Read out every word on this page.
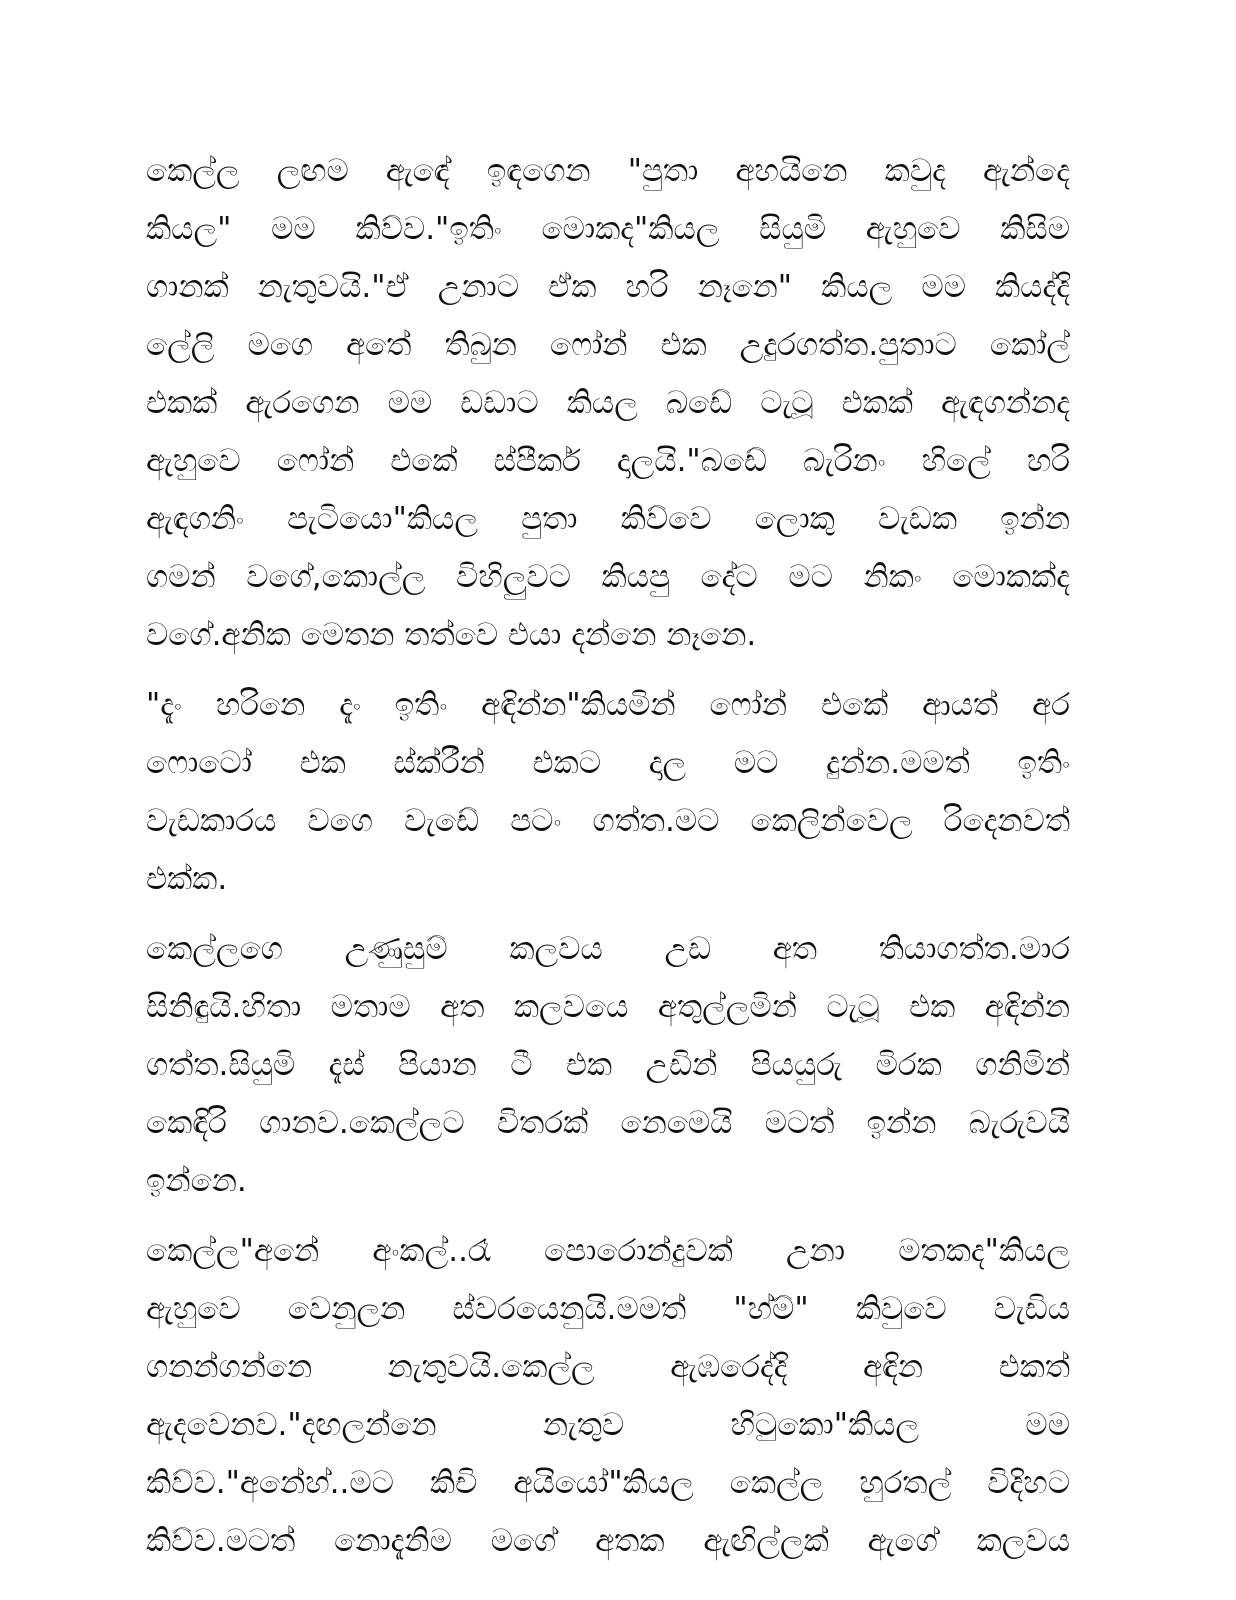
කෙල්ල ලඟම ඇඳේ ඉඳගෙන "පුතා අහයිනෙ කවුද ඇන්දෙ
කියල" මම කිව්ව."ඉතිං මොකද"කියල සියුමි ඇහුවෙ කිසිම
ගානක් නැතුවයි."ඒ උනාට ඒක හරි නෑනෙ" කියල මම කියද්දි
ලේලි මගෙ අතේ තිබුන ෆෝන් එක උදුරගත්ත.පුතාට කෝල්
එකක් ඇරගෙන මම ඩඩාට කියල බඩේ ටැටූ එකක් ඇඳගන්නද
ඇහුවෙ ෆෝන් එකේ ස්පීකර් දාලයි."බඩේ බැරිනං හිලේ හරි
ඇඳගනිං පැටියො"කියල පුතා කිව්වෙ ලොකු වැඩක ඉන්න
ගමන් වගේ,කොල්ල විහිලුවට කියපු දේට මට නිකං මොකක්ද
වගේ.අනික මෙතන තත්වෙ එයා දන්නෙ නෑනෙ.
"දැං හරිනෙ දැං ඉතිං අඳින්න"කියමින් ෆෝන් එකේ ආයත් අර
ෆොටෝ එක ස්ක්රීන් එකට දාල මට දුන්න.මමත් ඉතිං
වැඩකාරය වගෙ වැඩේ පටං ගත්ත.මට කෙලින්වෙල රිදෙනවත්
එක්ක.
කෙල්ලගෙ උණුසුම් කලවය උඩ අත තියාගත්ත.මාර
සිනිඳුයි.හිතා මතාම අත කලවයෙ අතුල්ලමින් ටැටූ එක අඳින්න
ගත්ත.සියුමි දැස් පියාන ටී එක උඩින් පියයුරු මිරක ගනිමින්
කෙඳිරි ගානව.කෙල්ලට විතරක් නෙමෙයි මටත් ඉන්න බැරුවයි
ඉන්නෙ.
කෙල්ල"අනේ අංකල්..රෑ පොරොන්දුවක් උනා මතකද"කියල
ඇහුවෙ වෙනුලන ස්වරයෙනුයි.මමත් "හ්ම්" කිවුවෙ වැඩිය
ගනන්ගන්නෙ නැතුවයි.කෙල්ල ඇඹරෙද්දි අඳින එකත්
ඇදවෙනව."දඟලන්නෙ නැතුව හිටුකො"කියල මම
කිව්ව."අනේහ්..මට කිචි අයියෝ"කියල කෙල්ල හුරතල් විදිහට
කිව්ව.මටත් නොදැනිම මගේ අතක ඇඟිල්ලක් ඇගේ කලවය
